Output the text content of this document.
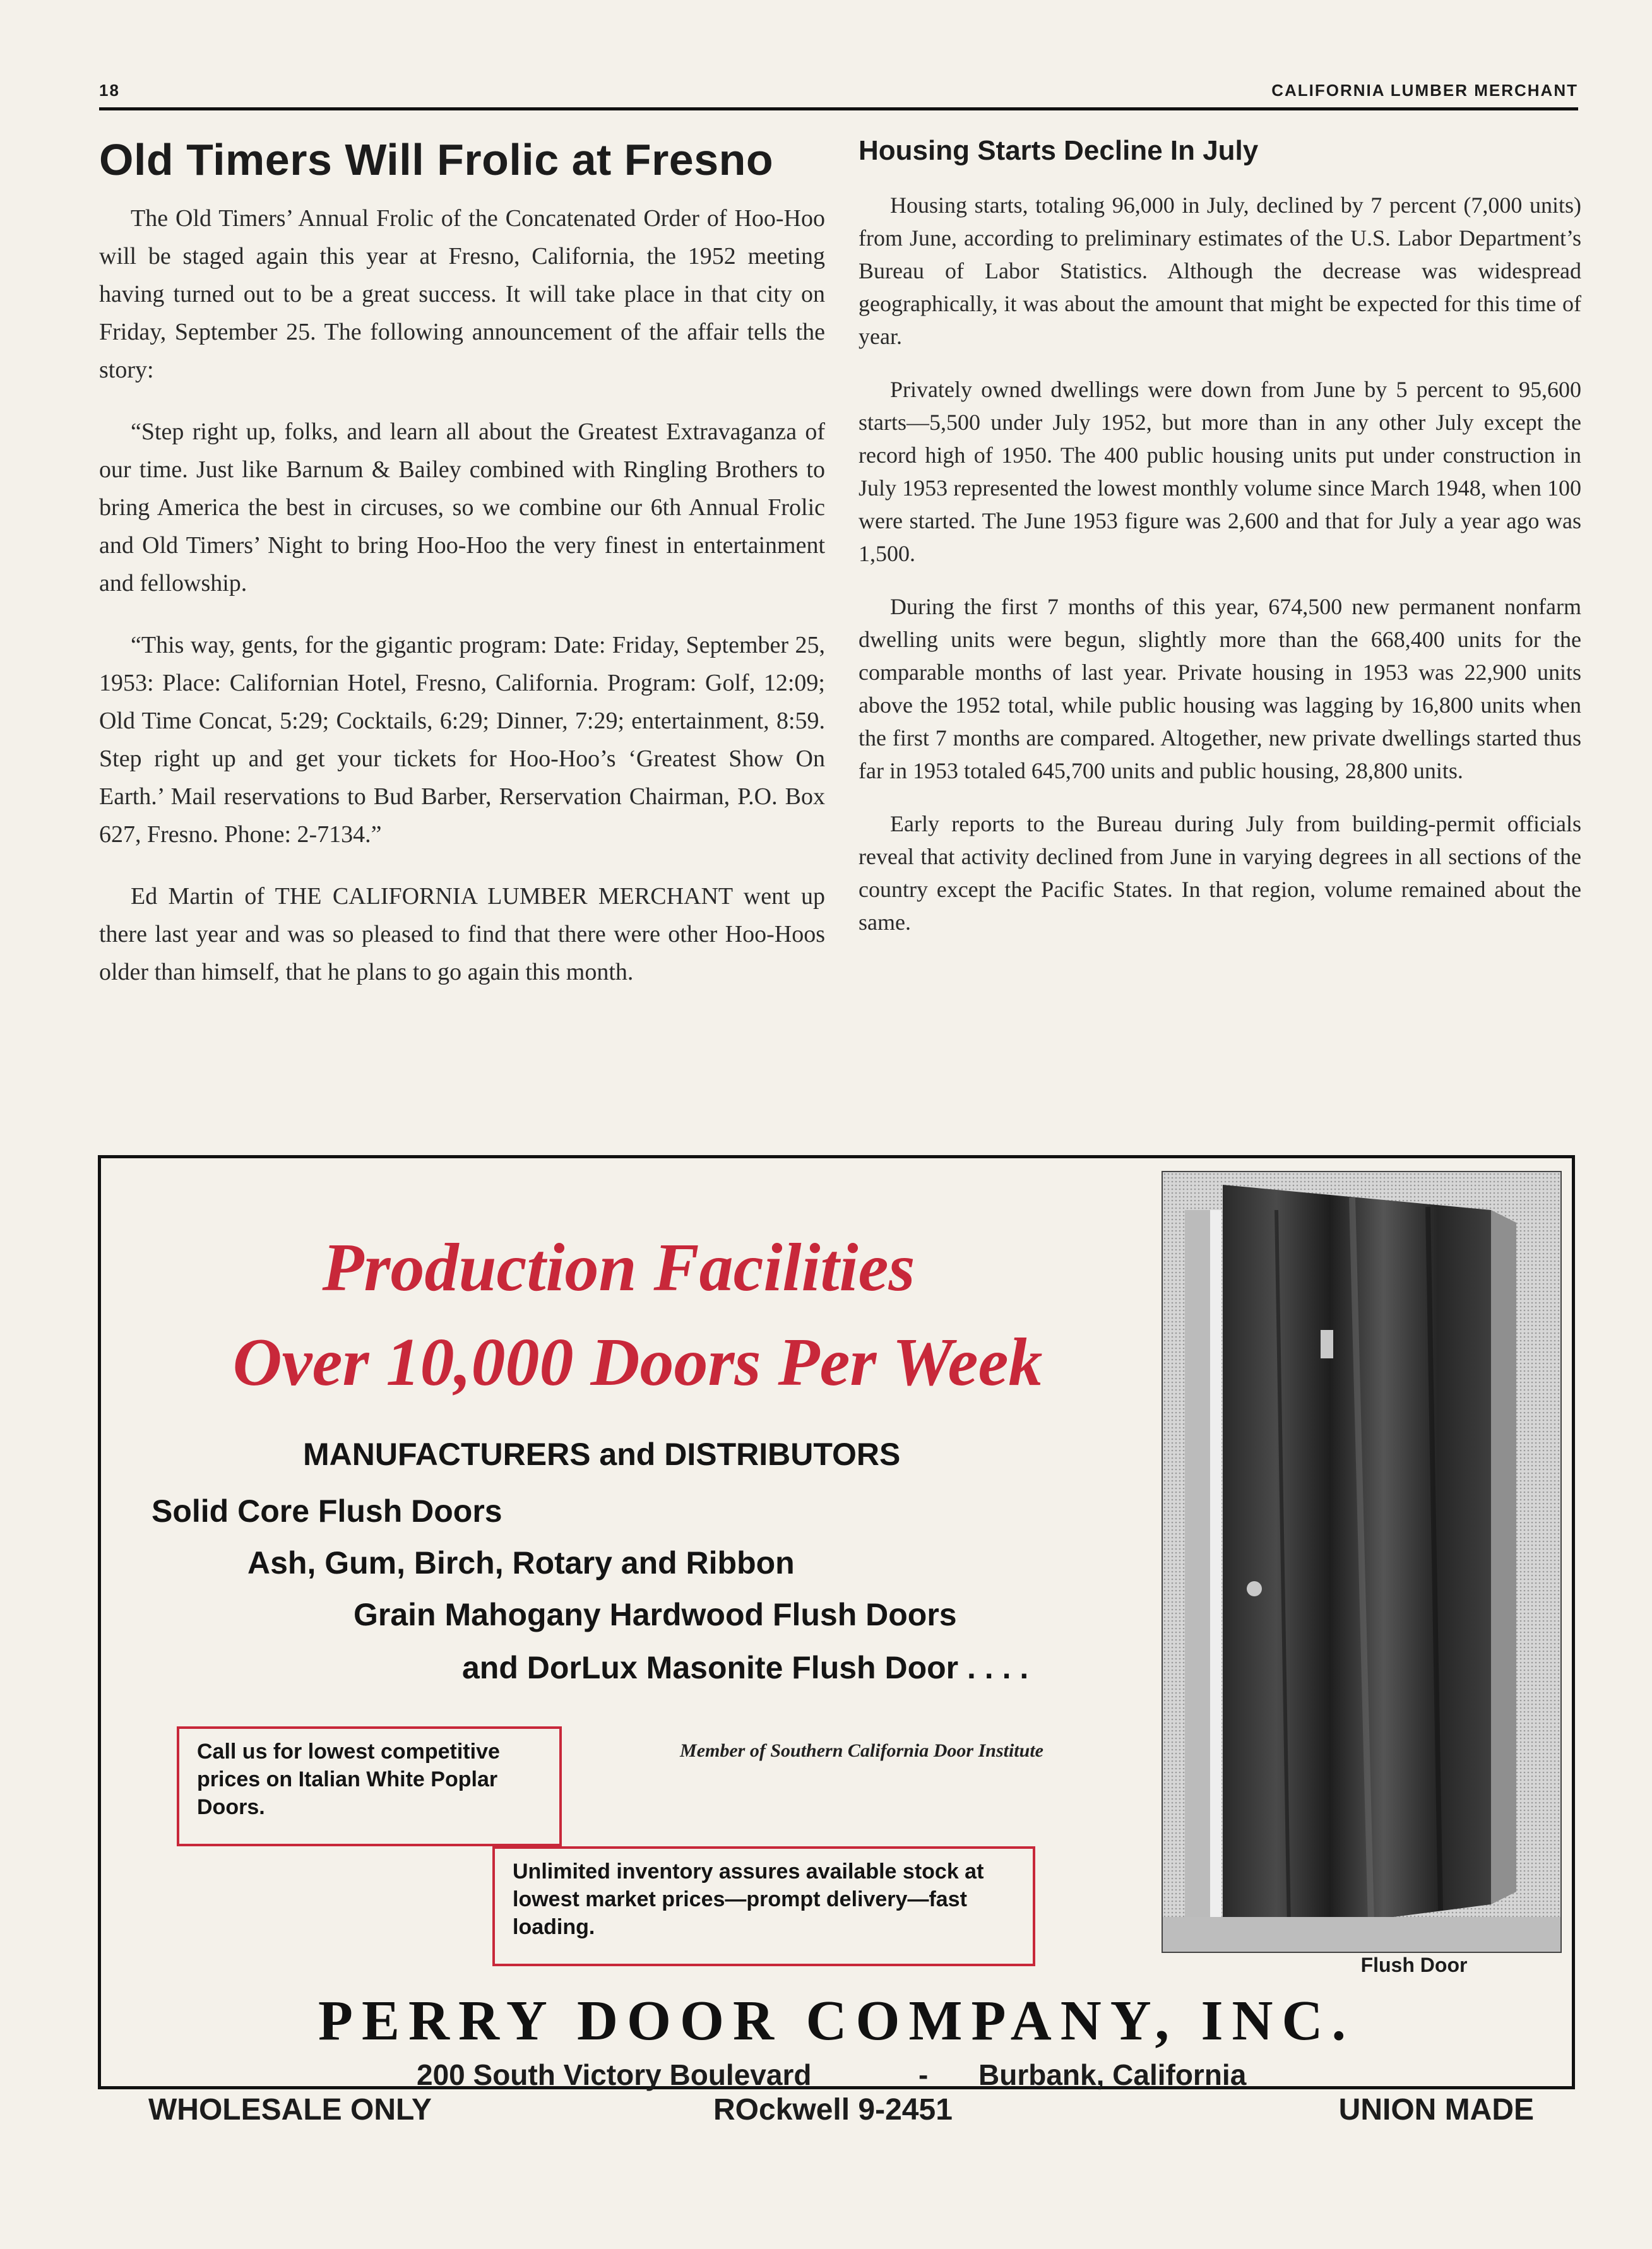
18	CALIFORNIA LUMBER MERCHANT
Old Timers Will Frolic at Fresno

The Old Timers’ Annual Frolic of the Concatenated Order of Hoo-Hoo will be staged again this year at Fresno, California, the 1952 meeting having turned out to be a great success. It will take place in that city on Friday, September 25. The following announcement of the affair tells the story:

“Step right up, folks, and learn all about the Greatest Extravaganza of our time. Just like Barnum & Bailey combined with Ringling Brothers to bring America the best in circuses, so we combine our 6th Annual Frolic and Old Timers’ Night to bring Hoo-Hoo the very finest in entertainment and fellowship.

“This way, gents, for the gigantic program: Date: Friday, September 25, 1953: Place: Californian Hotel, Fresno, California. Program: Golf, 12:09; Old Time Concat, 5:29; Cocktails, 6:29; Dinner, 7:29; entertainment, 8:59. Step right up and get your tickets for Hoo-Hoo’s ‘Greatest Show On Earth.’ Mail reservations to Bud Barber, Rerservation Chairman, P.O. Box 627, Fresno. Phone: 2-7134.”

Ed Martin of THE CALIFORNIA LUMBER MERCHANT went up there last year and was so pleased to find that there were other Hoo-Hoos older than himself, that he plans to go again this month.

Housing Starts Decline In July

Housing starts, totaling 96,000 in July, declined by 7 percent (7,000 units) from June, according to preliminary estimates of the U.S. Labor Department’s Bureau of Labor Statistics. Although the decrease was widespread geographically, it was about the amount that might be expected for this time of year.

Privately owned dwellings were down from June by 5 percent to 95,600 starts—5,500 under July 1952, but more than in any other July except the record high of 1950. The 400 public housing units put under construction in July 1953 represented the lowest monthly volume since March 1948, when 100 were started. The June 1953 figure was 2,600 and that for July a year ago was 1,500.

During the first 7 months of this year, 674,500 new permanent nonfarm dwelling units were begun, slightly more than the 668,400 units for the comparable months of last year. Private housing in 1953 was 22,900 units above the 1952 total, while public housing was lagging by 16,800 units when the first 7 months are compared. Altogether, new private dwellings started thus far in 1953 totaled 645,700 units and public housing, 28,800 units.

Early reports to the Bureau during July from building-permit officials reveal that activity declined from June in varying degrees in all sections of the country except the Pacific States. In that region, volume remained about the same.

Production Facilities
Over 10,000 Doors Per Week
MANUFACTURERS and DISTRIBUTORS
Solid Core Flush Doors
Ash, Gum, Birch, Rotary and Ribbon
Grain Mahogany Hardwood Flush Doors
and DorLux Masonite Flush Door . . . .
Call us for lowest competitive prices on Italian White Poplar Doors.
Member of Southern California Door Institute
Unlimited inventory assures available stock at lowest market prices—prompt delivery—fast loading.
Flush Door
PERRY DOOR COMPANY, INC.
200 South Victory Boulevard	- Burbank, California
WHOLESALE ONLY	ROckwell 9-2451	UNION MADE
